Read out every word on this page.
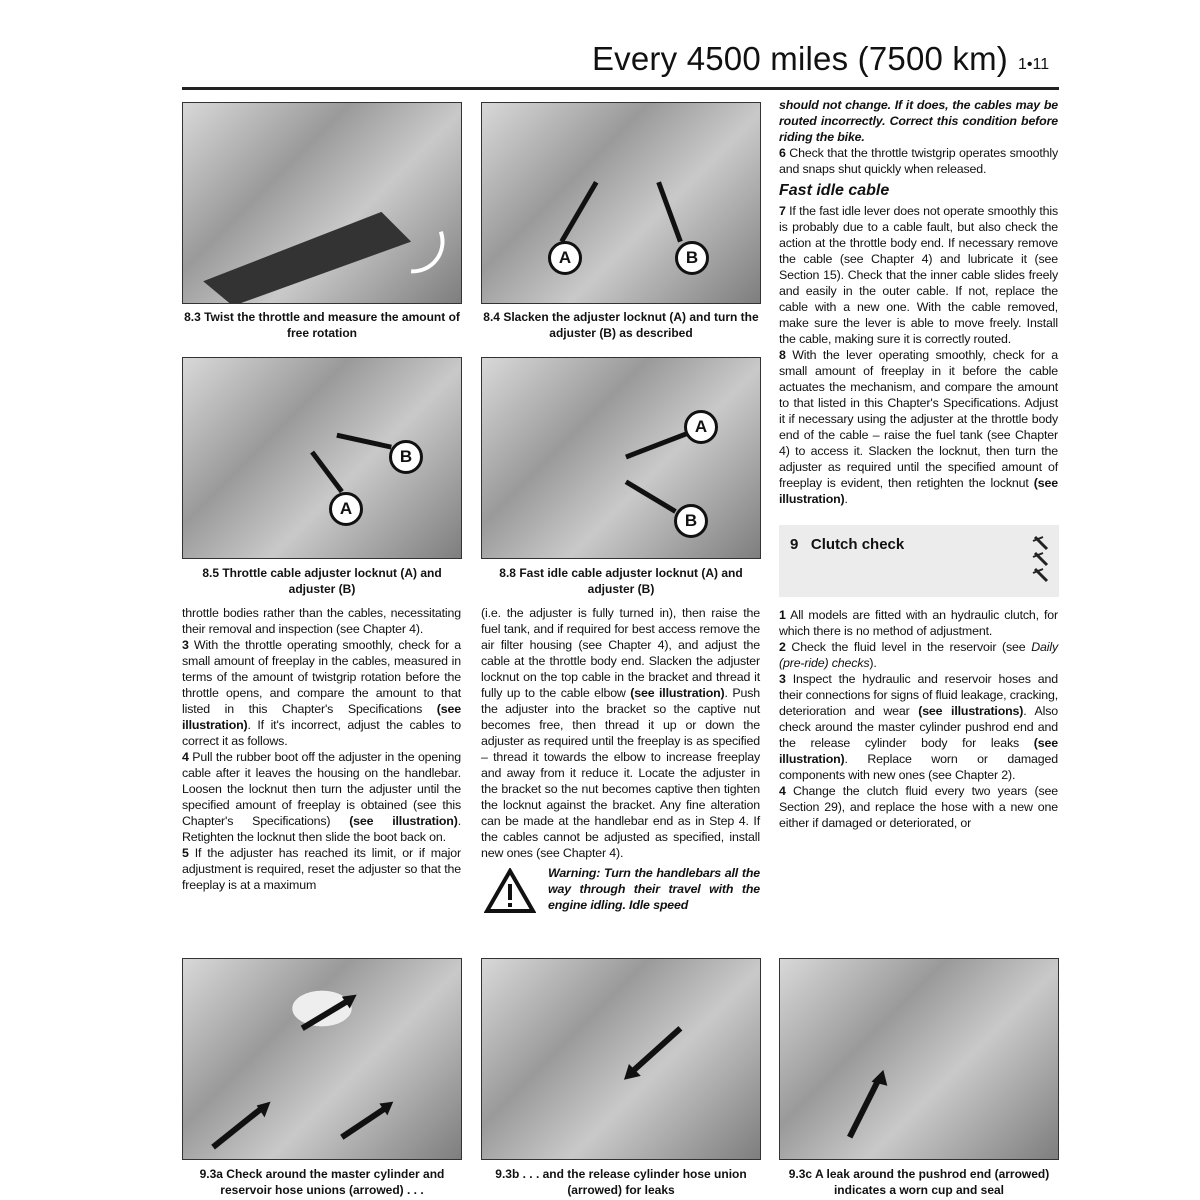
Every 4500 miles (7500 km) 1•11
8.3 Twist the throttle and measure the amount of free rotation
A	B
8.4 Slacken the adjuster locknut (A) and turn the adjuster (B) as described
B
A
8.5 Throttle cable adjuster locknut (A) and adjuster (B)
A
B
8.8 Fast idle cable adjuster locknut (A) and adjuster (B)

throttle bodies rather than the cables, necessitating their removal and inspection (see Chapter 4).

3 With the throttle operating smoothly, check for a small amount of freeplay in the cables, measured in terms of the amount of twistgrip rotation before the throttle opens, and compare the amount to that listed in this Chapter's Specifications (see illustration). If it's incorrect, adjust the cables to correct it as follows.

4 Pull the rubber boot off the adjuster in the opening cable after it leaves the housing on the handlebar. Loosen the locknut then turn the adjuster until the specified amount of freeplay is obtained (see this Chapter's Specifications) (see illustration). Retighten the locknut then slide the boot back on.

5 If the adjuster has reached its limit, or if major adjustment is required, reset the adjuster so that the freeplay is at a maximum

(i.e. the adjuster is fully turned in), then raise the fuel tank, and if required for best access remove the air filter housing (see Chapter 4), and adjust the cable at the throttle body end. Slacken the adjuster locknut on the top cable in the bracket and thread it fully up to the cable elbow (see illustration). Push the adjuster into the bracket so the captive nut becomes free, then thread it up or down the adjuster as required until the freeplay is as specified – thread it towards the elbow to increase freeplay and away from it reduce it. Locate the adjuster in the bracket so the nut becomes captive then tighten the locknut against the bracket. Any fine alteration can be made at the handlebar end as in Step 4. If the cables cannot be adjusted as specified, install new ones (see Chapter 4).

Warning: Turn the handlebars all the way through their travel with the engine idling. Idle speed

should not change. If it does, the cables may be routed incorrectly. Correct this condition before riding the bike.

6 Check that the throttle twistgrip operates smoothly and snaps shut quickly when released.

Fast idle cable

7 If the fast idle lever does not operate smoothly this is probably due to a cable fault, but also check the action at the throttle body end. If necessary remove the cable (see Chapter 4) and lubricate it (see Section 15). Check that the inner cable slides freely and easily in the outer cable. If not, replace the cable with a new one. With the cable removed, make sure the lever is able to move freely. Install the cable, making sure it is correctly routed.

8 With the lever operating smoothly, check for a small amount of freeplay in it before the cable actuates the mechanism, and compare the amount to that listed in this Chapter's Specifications. Adjust it if necessary using the adjuster at the throttle body end of the cable – raise the fuel tank (see Chapter 4) to access it. Slacken the locknut, then turn the adjuster as required until the specified amount of freeplay is evident, then retighten the locknut (see illustration).

9 Clutch check

1 All models are fitted with an hydraulic clutch, for which there is no method of adjustment.

2 Check the fluid level in the reservoir (see Daily (pre-ride) checks).

3 Inspect the hydraulic and reservoir hoses and their connections for signs of fluid leakage, cracking, deterioration and wear (see illustrations). Also check around the master cylinder pushrod end and the release cylinder body for leaks (see illustration). Replace worn or damaged components with new ones (see Chapter 2).

4 Change the clutch fluid every two years (see Section 29), and replace the hose with a new one either if damaged or deteriorated, or

9.3a Check around the master cylinder and reservoir hose unions (arrowed) . . .
9.3b . . . and the release cylinder hose union (arrowed) for leaks
9.3c A leak around the pushrod end (arrowed) indicates a worn cup and seal
